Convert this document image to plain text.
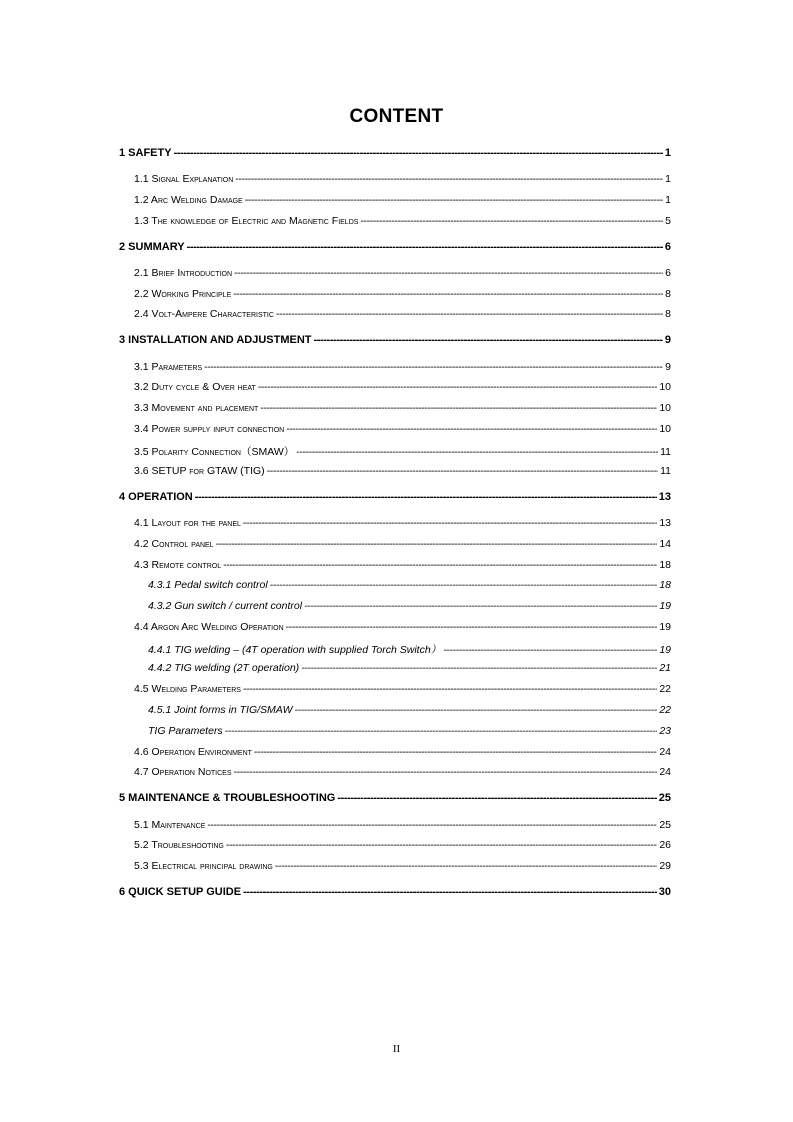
CONTENT
1 SAFETY -----	1
1.1 Signal Explanation -----	1
1.2 Arc Welding Damage -----	1
1.3 The knowledge of Electric and Magnetic Fields -----	5
2 SUMMARY -----	6
2.1 Brief Introduction -----	6
2.2 Working Principle -----	8
2.4 Volt-Ampere Characteristic -----	8
3 INSTALLATION AND ADJUSTMENT -----	9
3.1 Parameters -----	9
3.2 Duty cycle & Over heat -----	10
3.3 Movement and placement -----	10
3.4 Power supply input connection -----	10
3.5 Polarity Connection（SMAW） -----	11
3.6 SETUP for GTAW (TIG) -----	11
4 OPERATION -----	13
4.1 Layout for the panel -----	13
4.2 Control panel -----	14
4.3 Remote control -----	18
4.3.1 Pedal switch control -----	18
4.3.2 Gun switch / current control -----	19
4.4 Argon Arc Welding Operation -----	19
4.4.1 TIG welding – (4T operation with supplied Torch Switch） -----	19
4.4.2 TIG welding (2T operation) -----	21
4.5 Welding Parameters -----	22
4.5.1 Joint forms in TIG/SMAW -----	22
TIG Parameters -----	23
4.6 Operation Environment -----	24
4.7 Operation Notices -----	24
5 MAINTENANCE & TROUBLESHOOTING -----	25
5.1 Maintenance -----	25
5.2 Troubleshooting -----	26
5.3 Electrical principal drawing -----	29
6 QUICK SETUP GUIDE -----	30
II
